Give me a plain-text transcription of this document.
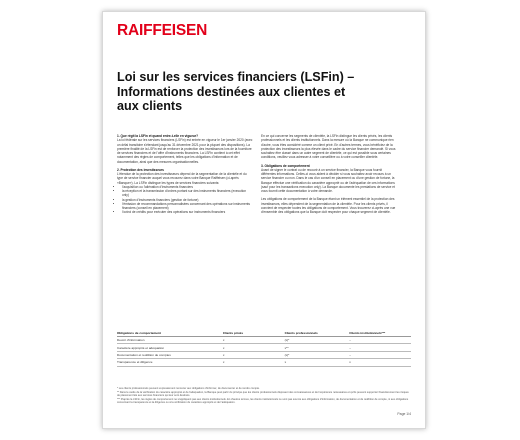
RAIFFEISEN
Loi sur les services financiers (LSFin) –
Informations destinées aux clientes et
aux clients
1. Que régit la LSFin et quand entre-t-elle en vigueur?

La loi fédérale sur les services financiers (LSFin) est entrée en vigueur le 1er janvier 2020 (avec un délai transitoire s'étendant jusqu'au 31 décembre 2021 pour la plupart des dispositions). La première finalité de la LSFin est de renforcer la protection des investisseurs lors de la fourniture de services financiers et de l'offre d'instruments financiers. La LSFin contient à cet effet notamment des règles de comportement, telles que les obligations d'information et de documentation, ainsi que des mesures organisationnelles.

2. Protection des investisseurs

L'étendue de la protection des investisseurs dépend de la segmentation de la clientèle et du type de service financier auquel vous recourez dans votre Banque Raiffeisen (ci-après «Banque»). La LSFin distingue les types de services financiers suivants:

• l'acquisition ou l'aliénation d'instruments financiers
• la réception et la transmission d'ordres portant sur des instruments financiers (execution only)
• la gestion d'instruments financiers (gestion de fortune)
• l'émission de recommandations personnalisées concernant des opérations sur instruments financiers (conseil en placement)
• l'octroi de crédits pour exécuter des opérations sur instruments financiers

En ce qui concerne les segments de clientèle, la LSFin distingue les clients privés, les clients professionnels et les clients institutionnels. Dans la mesure où la Banque ne communique rien d'autre, vous êtes considéré comme un client privé. En d'autres termes, vous bénéficiez de la protection des investisseurs la plus élevée dans le cadre du service financier demandé. Si vous souhaitez être classé dans un autre segment de clientèle, ce qui est possible sous certaines conditions, veuillez vous adresser à votre conseillère ou à votre conseiller clientèle.

3. Obligations de comportement

Avant de signer le contrat ou de recourir à un service financier, la Banque vous fournit différentes informations. Celles-ci vous aident à décider si vous souhaitez avoir recours à un service financier ou non. Dans le cas d'un conseil en placement ou d'une gestion de fortune, la Banque effectue une vérification du caractère approprié ou de l'adéquation de ces informations (sauf pour les transactions execution only). La Banque documente les prestations de service et vous fournit cette documentation à votre demande.

Les obligations de comportement de la Banque étant un élément essentiel de la protection des investisseurs, elles dépendent de la segmentation de la clientèle. Pour les clients privés, il convient de respecter toutes les obligations de comportement. Vous trouverez ci-après une vue d'ensemble des obligations que la Banque doit respecter pour chaque segment de clientèle.

Obligations de comportement	Clients privés	Clients professionnels	Clients institutionnels***
Devoir d'information	x	(x)*	–
Caractère approprié et adéquation	x	x**	–
Documentation et reddition de comptes	x	(x)*	–
Transparence et diligence	x	x	x
* Les clients professionnels peuvent expressément renoncer aux obligations d'informer, de documenter et de rendre compte.
** Dans le cadre de la vérification du caractère approprié et de l'adéquation, la Banque peut partir du principe que les clients professionnels disposent des connaissances et de l'expérience nécessaires et qu'ils peuvent supporter financièrement les risques de placement liés aux services financiers qui leur sont destinés.
*** D'après la LSFin, les règles de comportement ne s'appliquent pas aux clients institutionnels. En d'autres termes, les clients institutionnels ne sont pas soumis aux obligations d'information, de documentation et de reddition de compte, ni aux obligations concernant la transparence et la diligence ou à la vérification du caractère approprié et de l'adéquation.
Page 1/4
